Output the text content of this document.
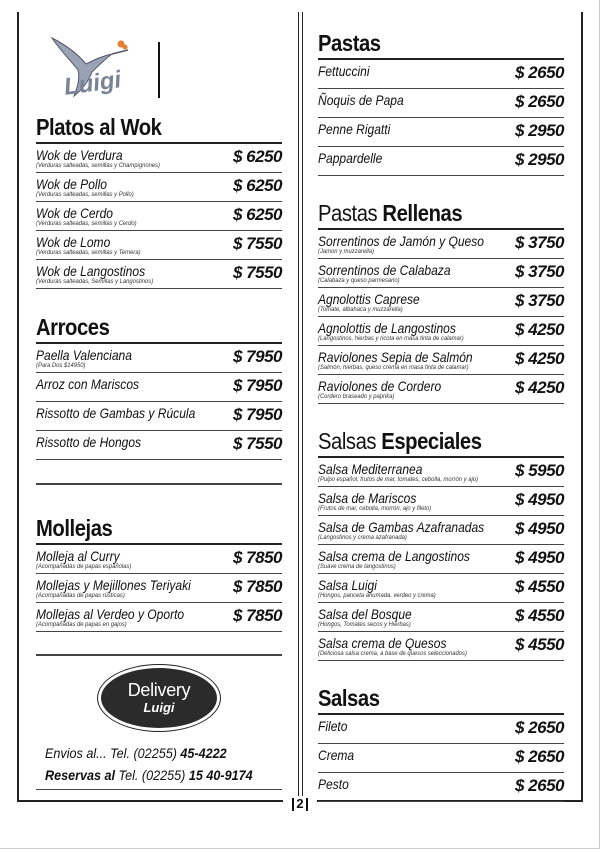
Luigi
Platos al Wok
Wok de Verdura
(Verduras salteadas, semillas y Champignones)	$ 6250
Wok de Pollo
(Verduras salteadas, semillas y Pollo)	$ 6250
Wok de Cerdo
(Verduras salteadas, semillas y Cerdo)	$ 6250
Wok de Lomo
(Verduras salteadas, semillas y Ternera)	$ 7550
Wok de Langostinos
(Verduras salteadas, Semillas y Langostinos)	$ 7550
Arroces
Paella Valenciana
(Para Dos $14950)	$ 7950
Arroz con Mariscos	$ 7950
Rissotto de Gambas y Rúcula $ 7950
Rissotto de Hongos	$ 7550
Mollejas
Molleja al Curry
(Acompañadas de papas españolas)	$ 7850
Mollejas y Mejillones Teriyaki
(Acompañadas de papas rústicas)	$ 7850
Mollejas al Verdeo y Oporto
(Acompañadas de papas en gajos)	$ 7850
Delivery
Luigi
Envios al... Tel. (02255) 45-4222
Reservas al Tel. (02255) 15 40-9174
Pastas
Fettuccini	$ 2650
Ñoquis de Papa	$ 2650
Penne Rigatti	$ 2950
Pappardelle	$ 2950
Pastas Rellenas
Sorrentinos de Jamón y Queso
(Jamon y muzzarella)	$ 3750
Sorrentinos de Calabaza
(Calabaza y queso parmesano)	$ 3750
Agnolottis Caprese
(Tomate, albahaca y muzzarella)	$ 3750
Agnolottis de Langostinos
(Langostinos, hierbas y ricota en masa tinta de calamar)	$ 4250
Raviolones Sepia de Salmón
(Salmón, hierbas, queso crema en masa tinta de calamar)	$ 4250
Raviolones de Cordero
(Cordero braseado y paprika)	$ 4250
Salsas Especiales
Salsa Mediterranea
(Pulpo español, frutos de mar, tomates, cebolla, morrón y ajo) $ 5950
Salsa de Mariscos
(Frutos de mar, cebolla, morrón, ajo y fileto)	$ 4950
Salsa de Gambas Azafranadas
(Langostinos y crema azafranada)	$ 4950
Salsa crema de Langostinos
(Suave crema de langostinos)	$ 4950
Salsa Luigi
(Hongos, panceta ahumada, verdeo y crema)	$ 4550
Salsa del Bosque
(Hongos, Tomates secos y Hierbas)	$ 4550
Salsa crema de Quesos
(Deliciosa salsa crema, a base de quesos seleccionados)	$ 4550
Salsas
Fileto	$ 2650
Crema	$ 2650
Pesto	$ 2650
2
